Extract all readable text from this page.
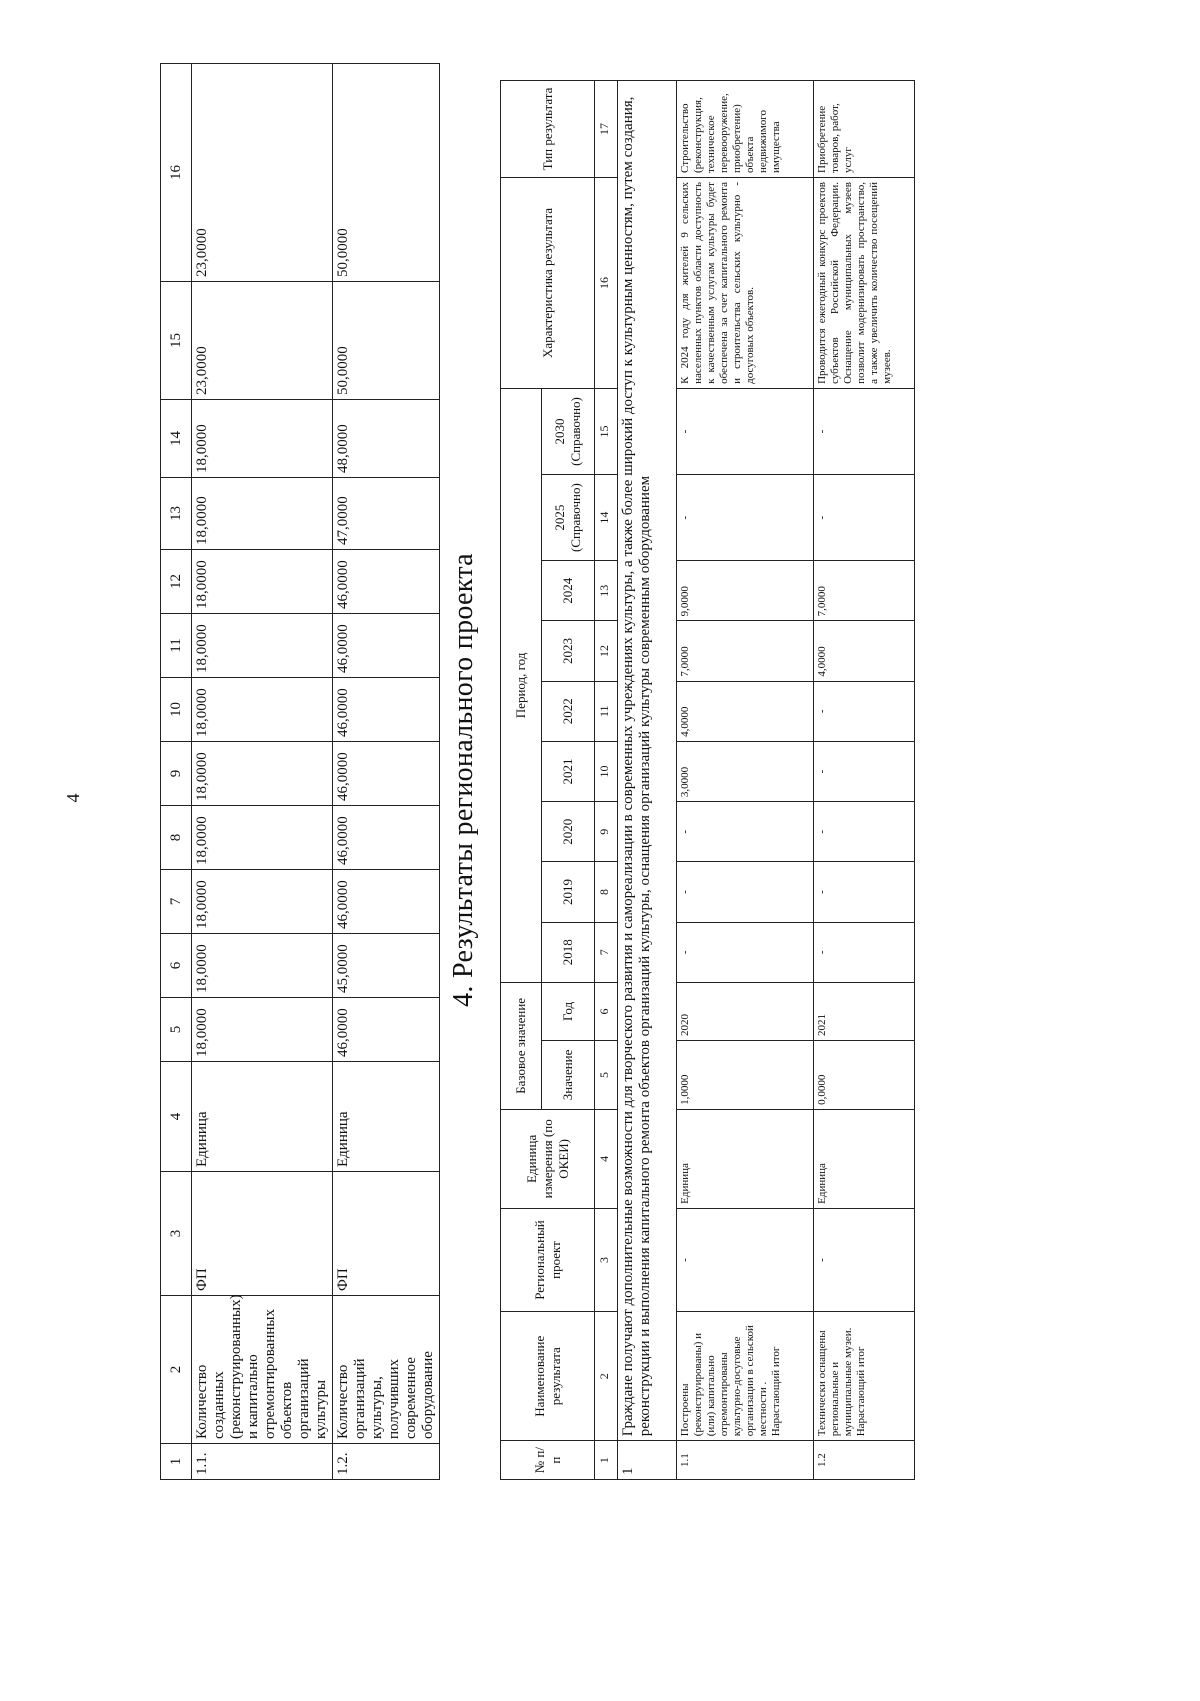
4
1	2	3	4	5	6	7	8	9	10	11	12	13	14	15	16
1.1.	Количество созданных (реконструированных) и капитально отремонтированных объектов организаций культуры	ФП	Единица	18,0000	18,0000	18,0000	18,0000	18,0000	18,0000	18,0000	18,0000	18,0000	18,0000	23,0000	23,0000
1.2.	Количество организаций культуры, получивших современное оборудование	ФП	Единица	46,0000	45,0000	46,0000	46,0000	46,0000	46,0000	46,0000	46,0000	47,0000	48,0000	50,0000	50,0000
4. Результаты регионального проекта
№ п/п	Наименование результата	Региональный проект	Единица измерения (по ОКЕИ)	Базовое значение		Период, год									Характеристика результата	Тип результата
				Значение	Год	2018	2019	2020	2021	2022	2023	2024	2025 (Справочно)	2030 (Справочно)		
1	2	3	4	5	6	7	8	9	10	11	12	13	14	15	16	17
1	Граждане получают дополнительные возможности для творческого развития и самореализации в современных учреждениях культуры, а также более широкий доступ к культурным ценностям, путем создания, реконструкции и выполнения капитального ремонта объектов организаций культуры, оснащения организаций культуры современным оборудованием															
1.1	Построены (реконструированы) и (или) капитально отремонтированы культурно-досуговые организации в сельской местности . Нарастающий итог	-	Единица	1,0000	2020	-	-	-	3,0000	4,0000	7,0000	9,0000	-	-	К 2024 году для жителей 9 сельских населенных пунктов области доступность к качественным услугам культуры будет обеспечена за счет капитального ремонта и строительства сельских культурно - досуговых объектов.	Строительство (реконструкция, техническое перевооружение, приобретение) объекта недвижимого имущества
1.2	Технически оснащены региональные и муниципальные музеи. Нарастающий итог	-	Единица	0,0000	2021	-	-	-	-	-	4,0000	7,0000	-	-	Проводится ежегодный конкурс проектов субъектов Российской Федерации. Оснащение муниципальных музеев позволит модернизировать пространство, а также увеличить количество посещений музеев.	Приобретение товаров, работ, услуг
